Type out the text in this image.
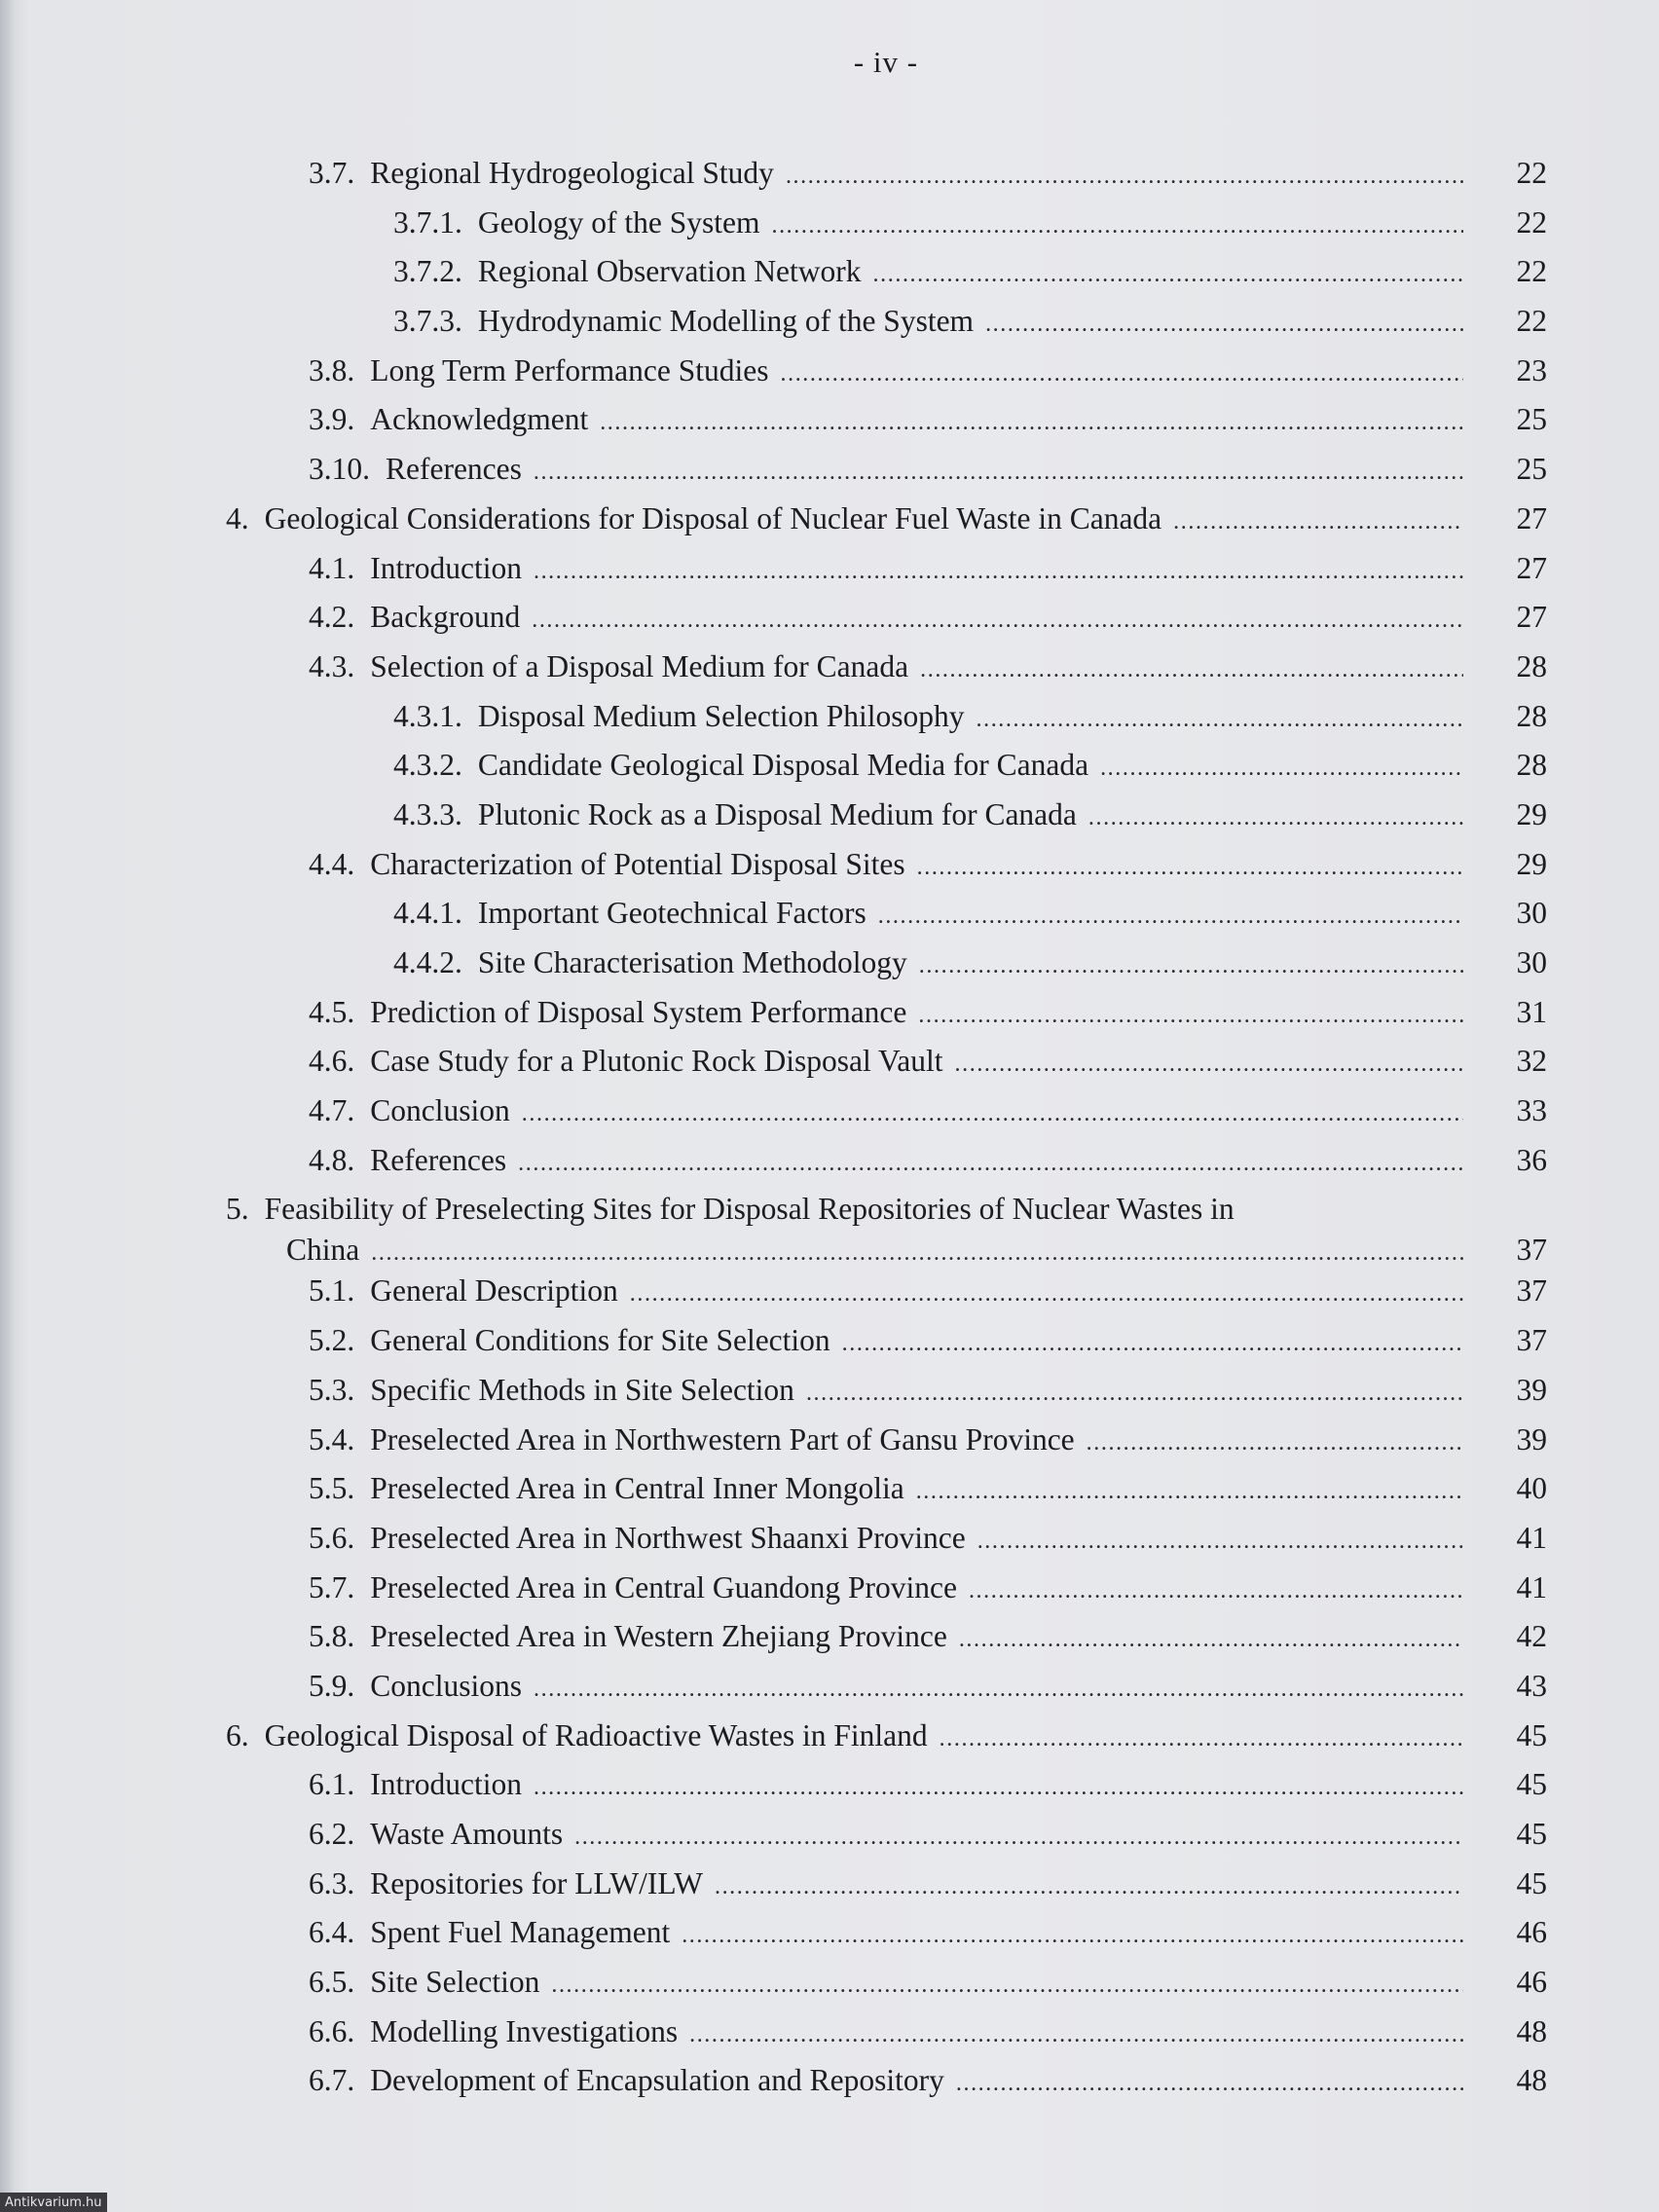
- iv -
3.7. Regional Hydrogeological Study . . .	22
3.7.1. Geology of the System . . .	22
3.7.2. Regional Observation Network . . .	22
3.7.3. Hydrodynamic Modelling of the System . . .	22
3.8. Long Term Performance Studies . . .	23
3.9. Acknowledgment . . .	25
3.10. References . . .	25
4. Geological Considerations for Disposal of Nuclear Fuel Waste in Canada . . .	27
4.1. Introduction . . .	27
4.2. Background . . .	27
4.3. Selection of a Disposal Medium for Canada . . .	28
4.3.1. Disposal Medium Selection Philosophy . . .	28
4.3.2. Candidate Geological Disposal Media for Canada . . .	28
4.3.3. Plutonic Rock as a Disposal Medium for Canada . . .	29
4.4. Characterization of Potential Disposal Sites . . .	29
4.4.1. Important Geotechnical Factors . . .	30
4.4.2. Site Characterisation Methodology . . .	30
4.5. Prediction of Disposal System Performance . . .	31
4.6. Case Study for a Plutonic Rock Disposal Vault . . .	32
4.7. Conclusion . . .	33
4.8. References . . .	36
5. Feasibility of Preselecting Sites for Disposal Repositories of Nuclear Wastes in
China . . .	37
5.1. General Description . . .	37
5.2. General Conditions for Site Selection . . .	37
5.3. Specific Methods in Site Selection . . .	39
5.4. Preselected Area in Northwestern Part of Gansu Province . . .	39
5.5. Preselected Area in Central Inner Mongolia . . .	40
5.6. Preselected Area in Northwest Shaanxi Province . . .	41
5.7. Preselected Area in Central Guandong Province . . .	41
5.8. Preselected Area in Western Zhejiang Province . . .	42
5.9. Conclusions . . .	43
6. Geological Disposal of Radioactive Wastes in Finland . . .	45
6.1. Introduction . . .	45
6.2. Waste Amounts . . .	45
6.3. Repositories for LLW/ILW . . .	45
6.4. Spent Fuel Management . . .	46
6.5. Site Selection . . .	46
6.6. Modelling Investigations . . .	48
6.7. Development of Encapsulation and Repository . . .	48
Antikvarium.hu
